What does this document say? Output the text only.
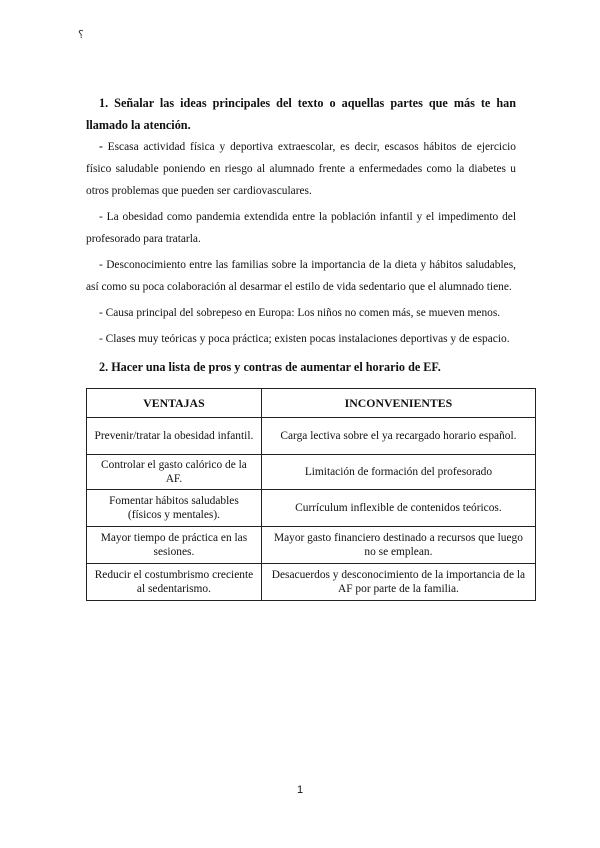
؟

1. Señalar las ideas principales del texto o aquellas partes que más te han llamado la atención.

- Escasa actividad física y deportiva extraescolar, es decir, escasos hábitos de ejercicio físico saludable poniendo en riesgo al alumnado frente a enfermedades como la diabetes u otros problemas que pueden ser cardiovasculares.

- La obesidad como pandemia extendida entre la población infantil y el impedimento del profesorado para tratarla.

- Desconocimiento entre las familias sobre la importancia de la dieta y hábitos saludables, así como su poca colaboración al desarmar el estilo de vida sedentario que el alumnado tiene.

- Causa principal del sobrepeso en Europa: Los niños no comen más, se mueven menos.

- Clases muy teóricas y poca práctica; existen pocas instalaciones deportivas y de espacio.

2. Hacer una lista de pros y contras de aumentar el horario de EF.

VENTAJAS	INCONVENIENTES
Prevenir/tratar la obesidad infantil.	Carga lectiva sobre el ya recargado horario español.
Controlar el gasto calórico de la AF.	Limitación de formación del profesorado
Fomentar hábitos saludables (físicos y mentales).	Currículum inflexible de contenidos teóricos.
Mayor tiempo de práctica en las sesiones.	Mayor gasto financiero destinado a recursos que luego no se emplean.
Reducir el costumbrismo creciente al sedentarismo.	Desacuerdos y desconocimiento de la importancia de la AF por parte de la familia.
1
